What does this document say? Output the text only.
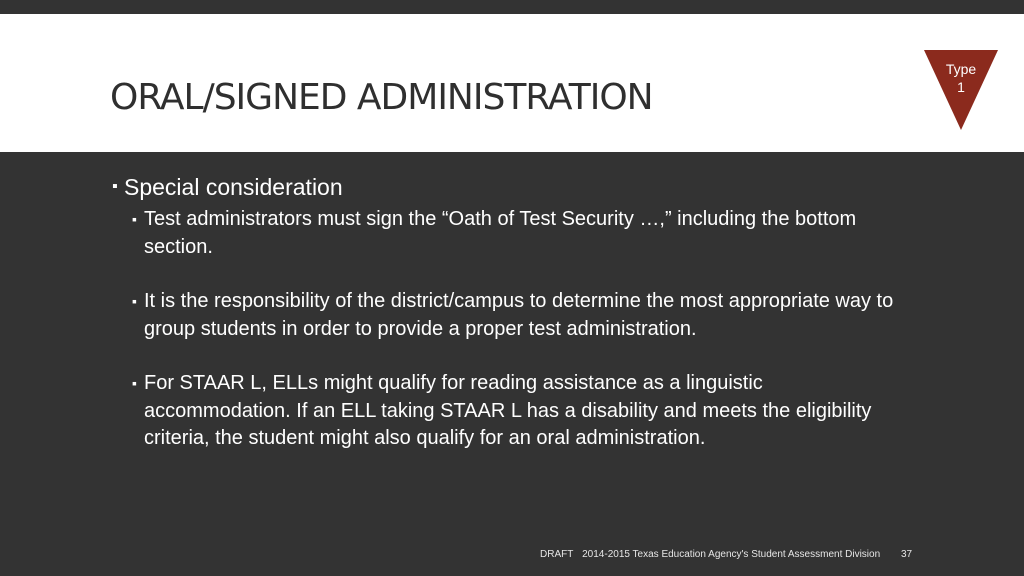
ORAL/SIGNED ADMINISTRATION
Type
1
▪ Special consideration
▪ Test administrators must sign the “Oath of Test Security …,” including the bottom section.
▪ It is the responsibility of the district/campus to determine the most appropriate way to group students in order to provide a proper test administration.
▪ For STAAR L, ELLs might qualify for reading assistance as a linguistic accommodation. If an ELL taking STAAR L has a disability and meets the eligibility criteria, the student might also qualify for an oral administration.
DRAFT 2014-2015 Texas Education Agency's Student Assessment Division 37
